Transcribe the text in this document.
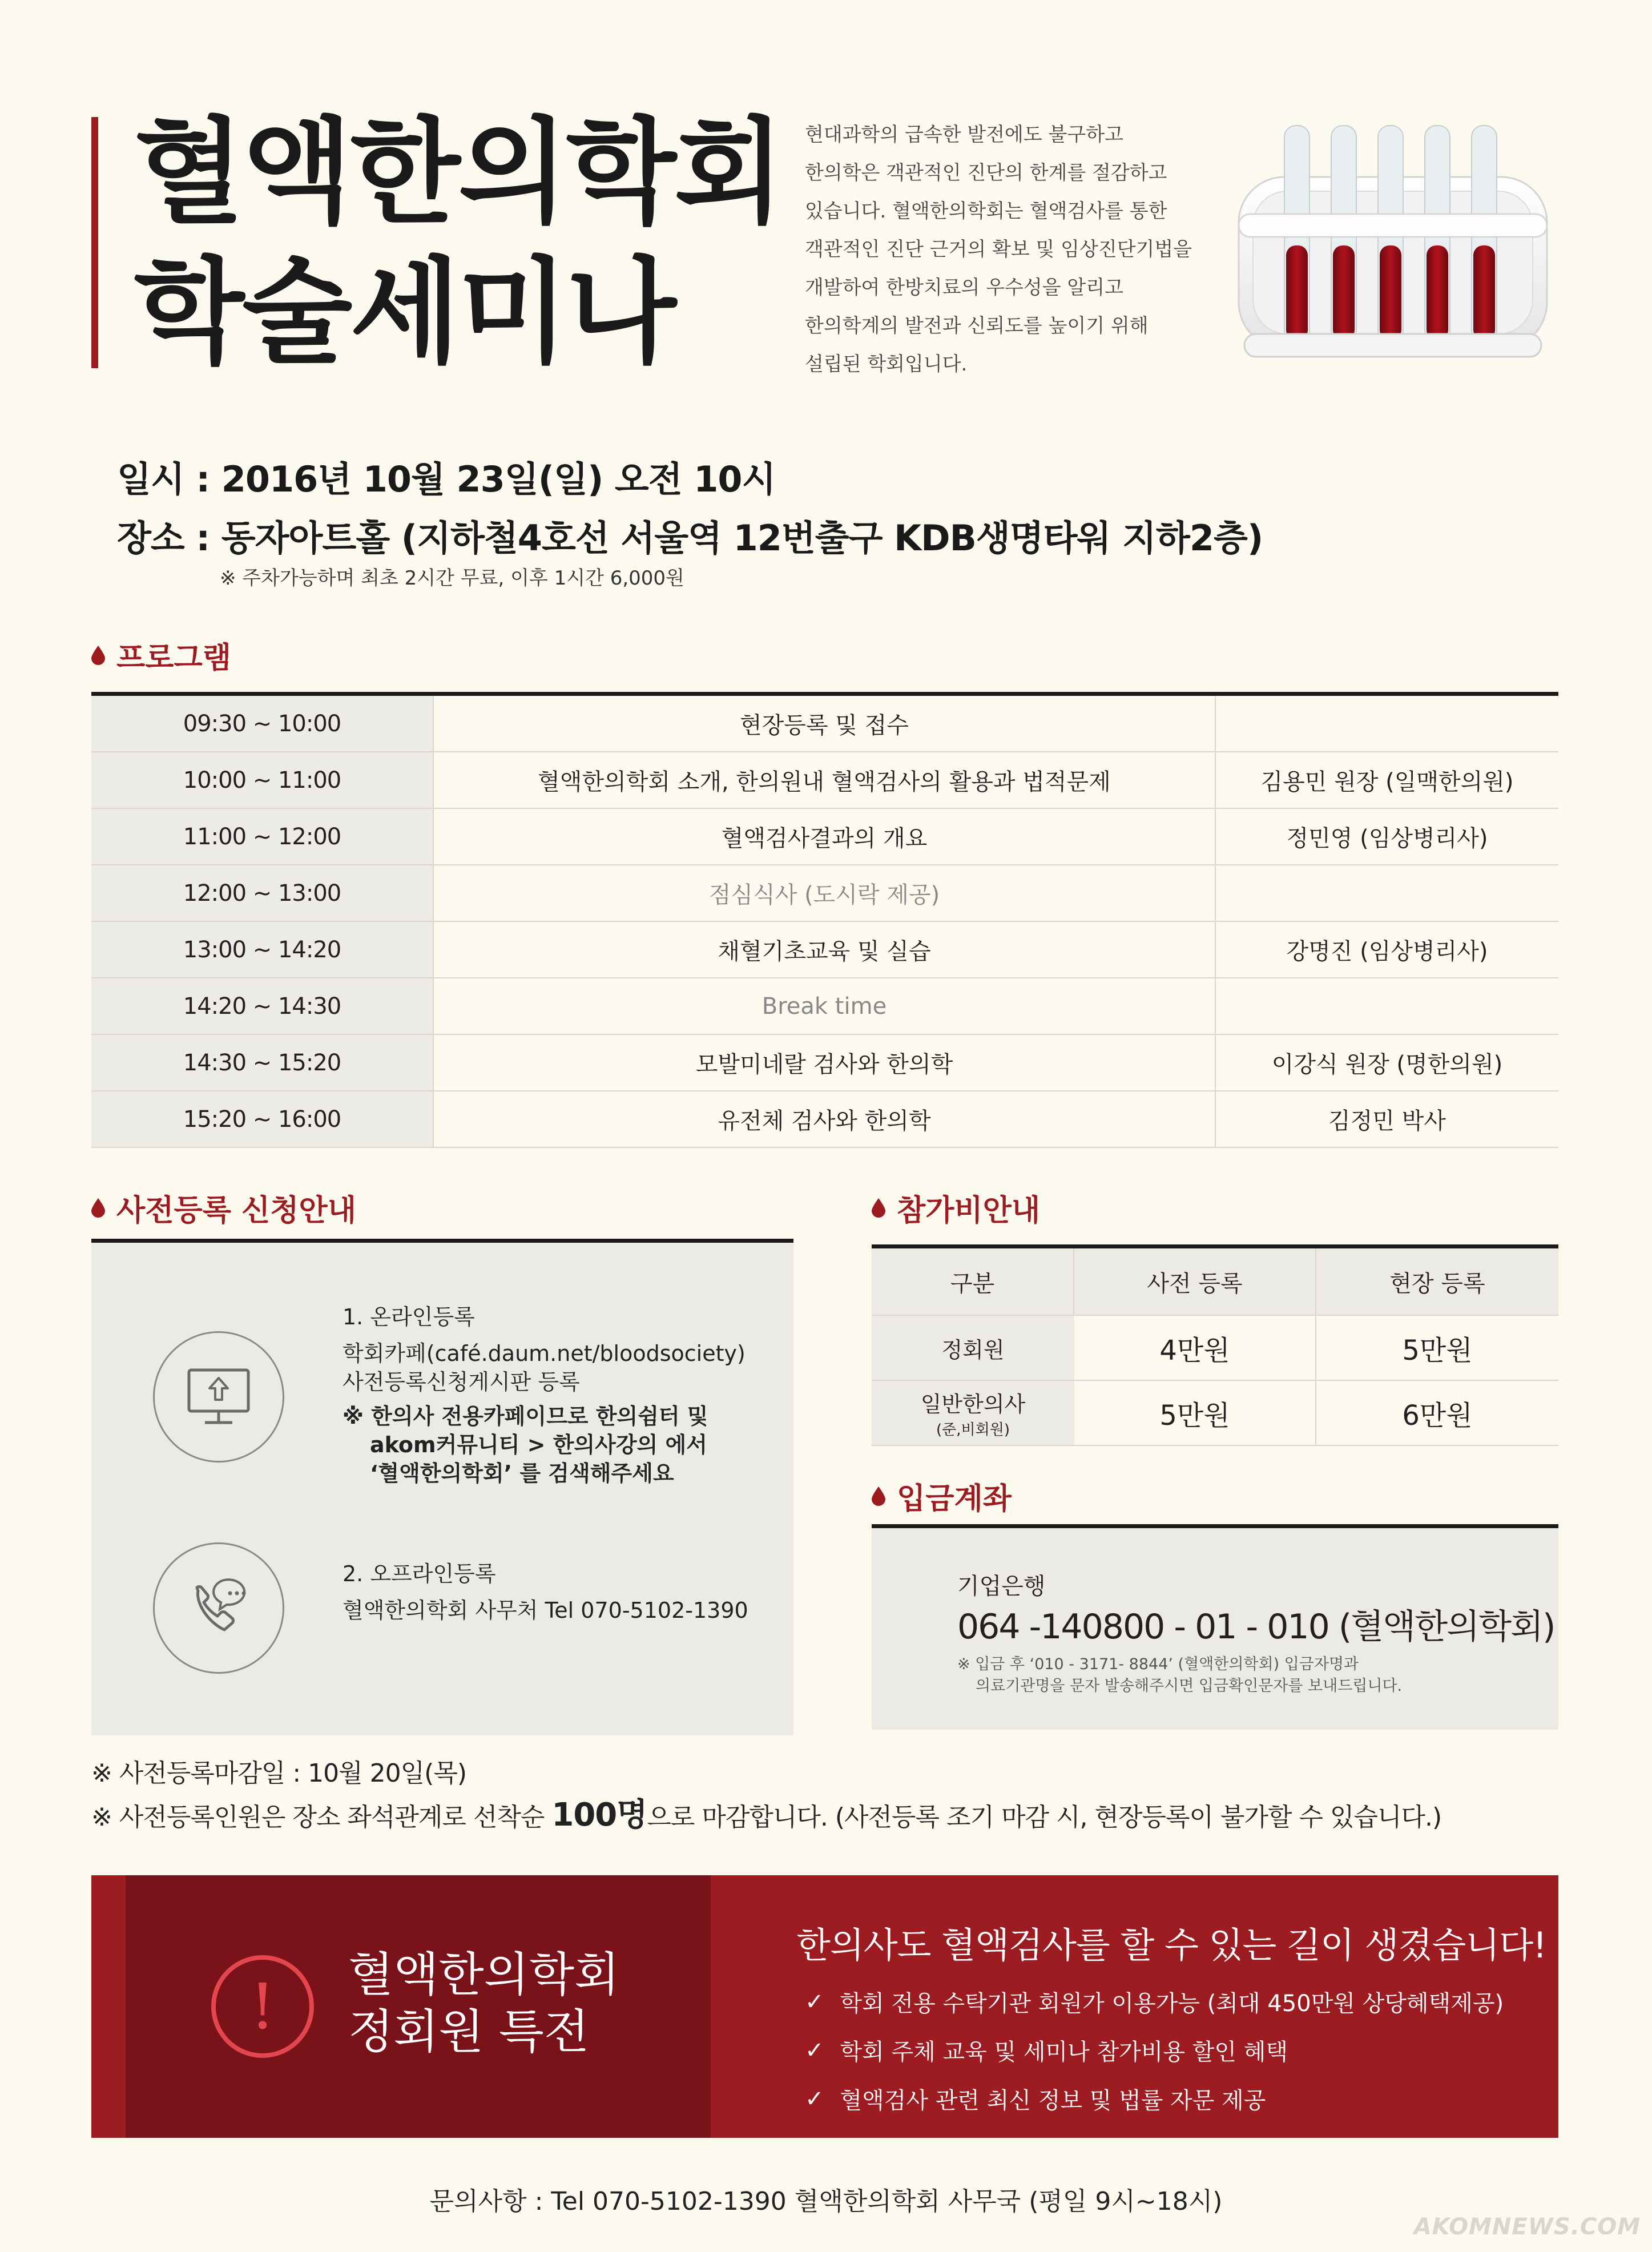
혈액한의학회
학술세미나
현대과학의 급속한 발전에도 불구하고
한의학은 객관적인 진단의 한계를 절감하고
있습니다. 혈액한의학회는 혈액검사를 통한
객관적인 진단 근거의 확보 및 임상진단기법을
개발하여 한방치료의 우수성을 알리고
한의학계의 발전과 신뢰도를 높이기 위해
설립된 학회입니다.
일시 : 2016년 10월 23일(일) 오전 10시
장소 : 동자아트홀 (지하철4호선 서울역 12번출구 KDB생명타워 지하2층)
※ 주차가능하며 최초 2시간 무료, 이후 1시간 6,000원
프로그램
09:30 ~ 10:00	현장등록 및 접수
10:00 ~ 11:00	혈액한의학회 소개, 한의원내 혈액검사의 활용과 법적문제	김용민 원장 (일맥한의원)
11:00 ~ 12:00	혈액검사결과의 개요	정민영 (임상병리사)
12:00 ~ 13:00	점심식사 (도시락 제공)
13:00 ~ 14:20	채혈기초교육 및 실습	강명진 (임상병리사)
14:20 ~ 14:30	Break time
14:30 ~ 15:20	모발미네랄 검사와 한의학	이강식 원장 (명한의원)
15:20 ~ 16:00	유전체 검사와 한의학	김정민 박사
사전등록 신청안내
1. 온라인등록
학회카페(café.daum.net/bloodsociety)
사전등록신청게시판 등록
※ 한의사 전용카페이므로 한의쉼터 및
akom커뮤니티 > 한의사강의 에서
‘혈액한의학회’ 를 검색해주세요
2. 오프라인등록
혈액한의학회 사무처 Tel 070-5102-1390
참가비안내
구분	사전 등록	현장 등록
정회원	4만원	5만원
일반한의사
(준,비회원)	5만원	6만원
입금계좌
기업은행
064 -140800 - 01 - 010 (혈액한의학회)
※ 입금 후 ‘010 - 3171- 8844’ (혈액한의학회) 입금자명과
의료기관명을 문자 발송해주시면 입금확인문자를 보내드립니다.
※ 사전등록마감일 : 10월 20일(목)
※ 사전등록인원은 장소 좌석관계로 선착순 100명으로 마감합니다. (사전등록 조기 마감 시, 현장등록이 불가할 수 있습니다.)
!	혈액한의학회
정회원 특전
한의사도 혈액검사를 할 수 있는 길이 생겼습니다!
✓ 학회 전용 수탁기관 회원가 이용가능 (최대 450만원 상당혜택제공)
✓ 학회 주체 교육 및 세미나 참가비용 할인 혜택
✓ 혈액검사 관련 최신 정보 및 법률 자문 제공
문의사항 : Tel 070-5102-1390 혈액한의학회 사무국 (평일 9시~18시)
AKOMNEWS.COM
